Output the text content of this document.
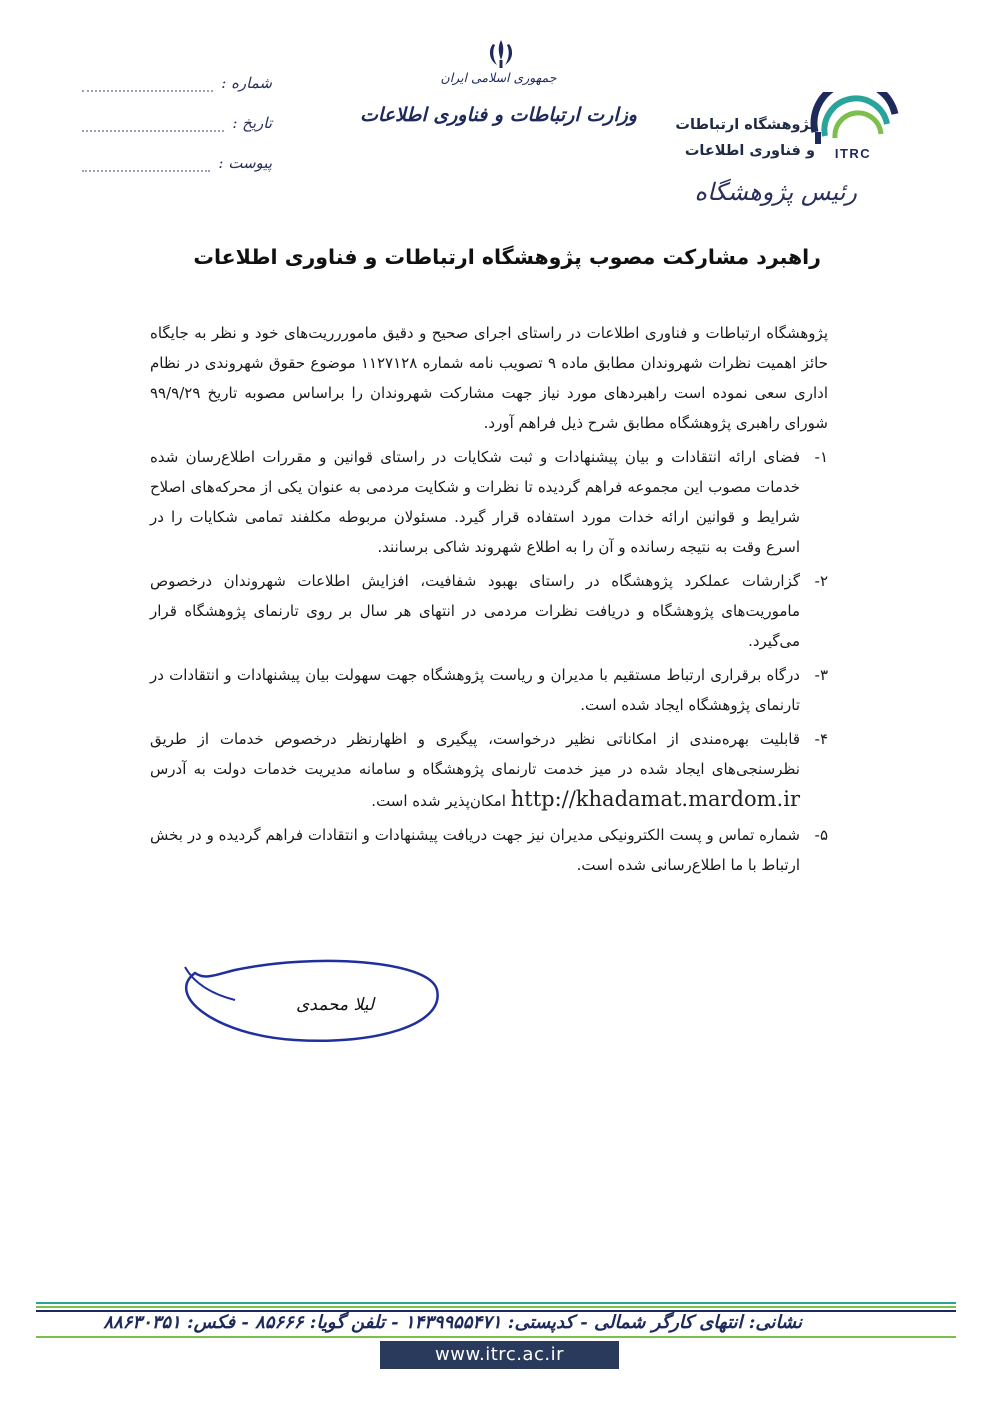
جمهوری اسلامی ایران
وزارت ارتباطات و فناوری اطلاعات
ITRC
پژوهشگاه ارتباطات
و فناوری اطلاعات
رئیس پژوهشگاه
شماره :
تاریخ :
پیوست :
راهبرد مشارکت مصوب پژوهشگاه ارتباطات و فناوری اطلاعات

پژوهشگاه ارتباطات و فناوری اطلاعات در راستای اجرای صحیح و دقیق ماموررریت‌های خود و نظر به جایگاه حائز اهمیت نظرات شهروندان مطابق ماده ۹ تصویب نامه شماره ۱۱۲۷۱۲۸ موضوع حقوق شهروندی در نظام اداری سعی نموده است راهبردهای مورد نیاز جهت مشارکت شهروندان را براساس مصوبه تاریخ ۹۹/۹/۲۹ شورای راهبری پژوهشگاه مطابق شرح ذیل فراهم آورد.

۱-
فضای ارائه انتقادات و بیان پیشنهادات و ثبت شکایات در راستای قوانین و مقررات اطلاع‌رسان شده خدمات مصوب این مجموعه فراهم گردیده تا نظرات و شکایت مردمی به عنوان یکی از محرکه‌های اصلاح شرایط و قوانین ارائه خدات مورد استفاده قرار گیرد. مسئولان مربوطه مکلفند تمامی شکایات را در اسرع وقت به نتیجه رسانده و آن را به اطلاع شهروند شاکی برسانند.
۲-
گزارشات عملکرد پژوهشگاه در راستای بهبود شفافیت، افزایش اطلاعات شهروندان درخصوص ماموریت‌های پژوهشگاه و دریافت نظرات مردمی در انتهای هر سال بر روی تارنمای پژوهشگاه قرار می‌گیرد.
۳-
درگاه برقراری ارتباط مستقیم با مدیران و ریاست پژوهشگاه جهت سهولت بیان پیشنهادات و انتقادات در تارنمای پژوهشگاه ایجاد شده است.
۴-
قابلیت بهره‌مندی از امکاناتی نظیر درخواست، پیگیری و اظهارنظر درخصوص خدمات از طریق نظرسنجی‌های ایجاد شده در میز خدمت تارنمای پژوهشگاه و سامانه مدیریت خدمات دولت به آدرس http://khadamat.mardom.ir امکان‌پذیر شده است.
۵-
شماره تماس و پست الکترونیکی مدیران نیز جهت دریافت پیشنهادات و انتقادات فراهم گردیده و در بخش ارتباط با ما اطلاع‌رسانی شده است.
لیلا محمدی
نشانی: انتهای کارگر شمالی - کدپستی: ۱۴۳۹۹۵۵۴۷۱ - تلفن گویا: ۸۵۶۶۶ - فکس: ۸۸۶۳۰۳۵۱
www.itrc.ac.ir
